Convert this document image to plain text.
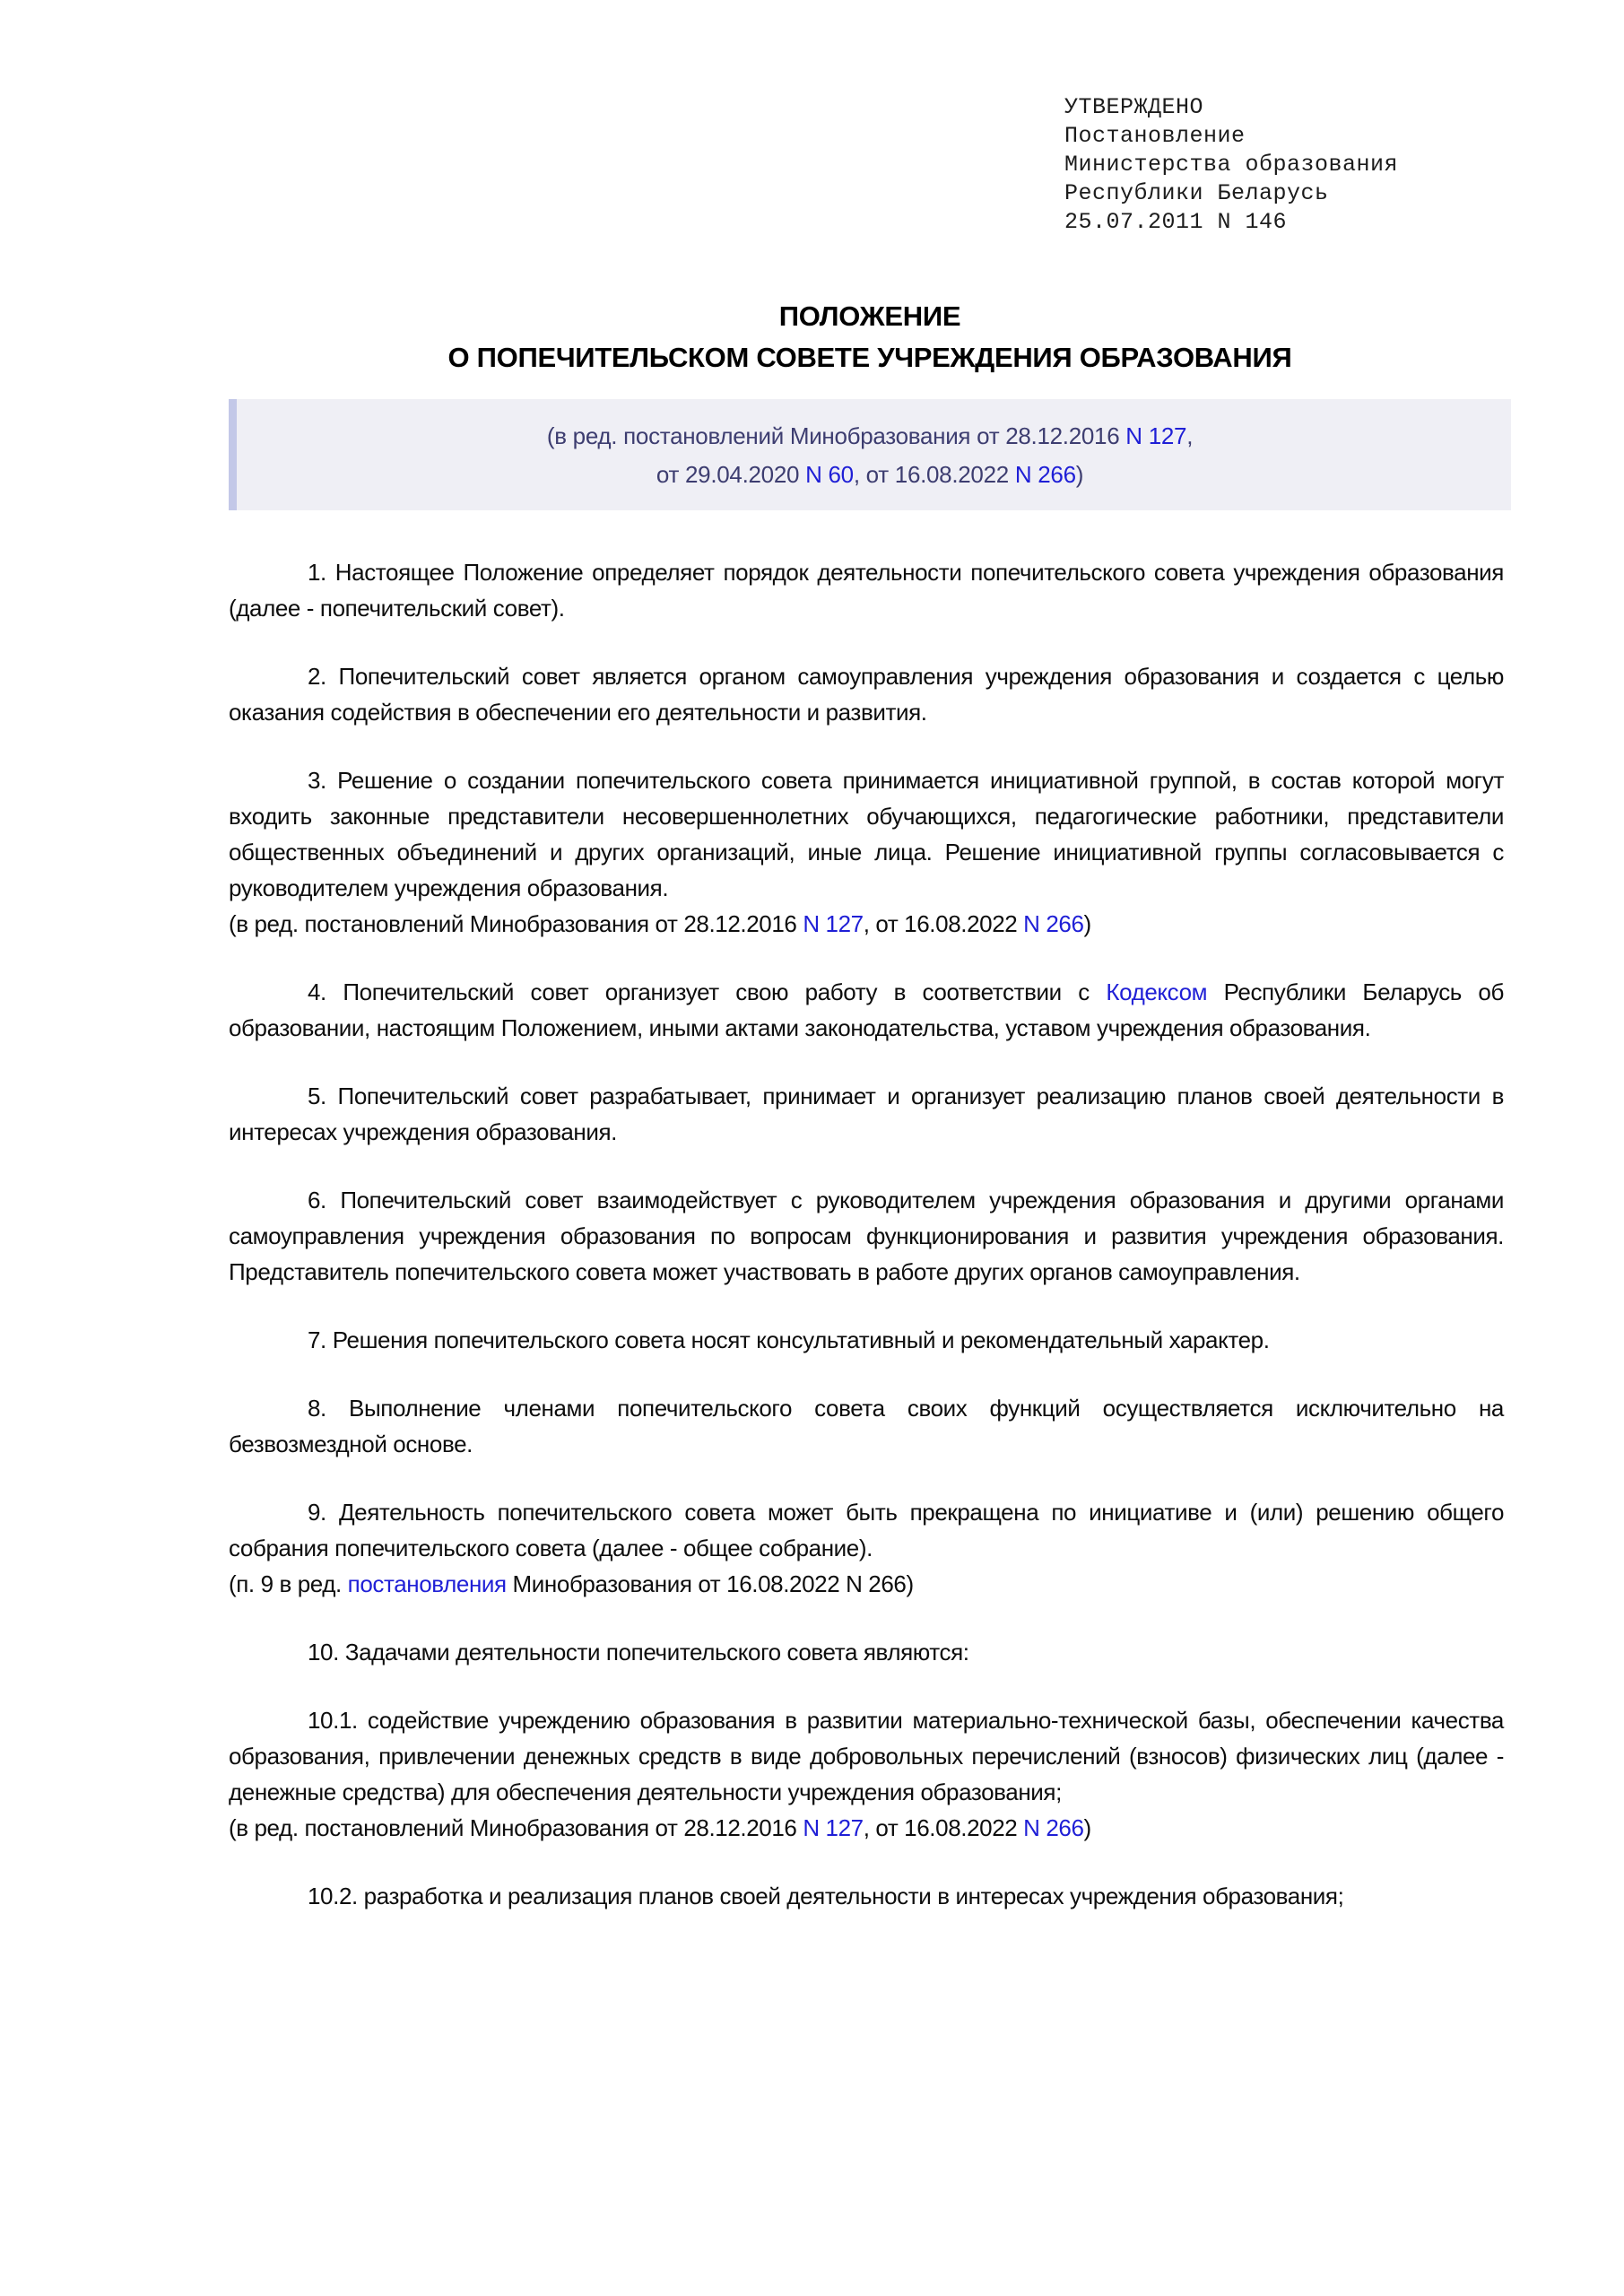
УТВЕРЖДЕНО
Постановление
Министерства образования
Республики Беларусь
25.07.2011 N 146
ПОЛОЖЕНИЕ
О ПОПЕЧИТЕЛЬСКОМ СОВЕТЕ УЧРЕЖДЕНИЯ ОБРАЗОВАНИЯ
(в ред. постановлений Минобразования от 28.12.2016 N 127,
от 29.04.2020 N 60, от 16.08.2022 N 266)

1. Настоящее Положение определяет порядок деятельности попечительского совета учреждения образования (далее - попечительский совет).

2. Попечительский совет является органом самоуправления учреждения образования и создается с целью оказания содействия в обеспечении его деятельности и развития.

3. Решение о создании попечительского совета принимается инициативной группой, в состав которой могут входить законные представители несовершеннолетних обучающихся, педагогические работники, представители общественных объединений и других организаций, иные лица. Решение инициативной группы согласовывается с руководителем учреждения образования.

(в ред. постановлений Минобразования от 28.12.2016 N 127, от 16.08.2022 N 266)

4. Попечительский совет организует свою работу в соответствии с Кодексом Республики Беларусь об образовании, настоящим Положением, иными актами законодательства, уставом учреждения образования.

5. Попечительский совет разрабатывает, принимает и организует реализацию планов своей деятельности в интересах учреждения образования.

6. Попечительский совет взаимодействует с руководителем учреждения образования и другими органами самоуправления учреждения образования по вопросам функционирования и развития учреждения образования. Представитель попечительского совета может участвовать в работе других органов самоуправления.

7. Решения попечительского совета носят консультативный и рекомендательный характер.

8. Выполнение членами попечительского совета своих функций осуществляется исключительно на безвозмездной основе.

9. Деятельность попечительского совета может быть прекращена по инициативе и (или) решению общего собрания попечительского совета (далее - общее собрание).

(п. 9 в ред. постановления Минобразования от 16.08.2022 N 266)

10. Задачами деятельности попечительского совета являются:

10.1. содействие учреждению образования в развитии материально-технической базы, обеспечении качества образования, привлечении денежных средств в виде добровольных перечислений (взносов) физических лиц (далее - денежные средства) для обеспечения деятельности учреждения образования;

(в ред. постановлений Минобразования от 28.12.2016 N 127, от 16.08.2022 N 266)

10.2. разработка и реализация планов своей деятельности в интересах учреждения образования;
